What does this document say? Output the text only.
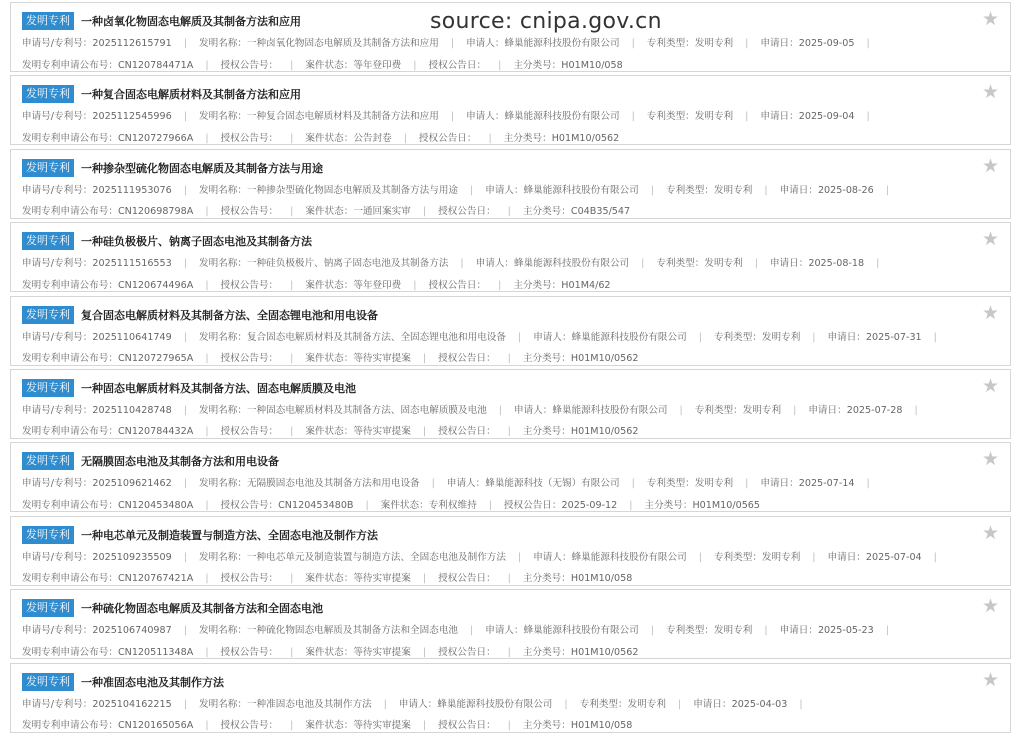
source: cnipa.gov.cn
发明专利	一种卤氧化物固态电解质及其制备方法和应用	★
申请号/专利号：2025112615791 | 发明名称：一种卤氧化物固态电解质及其制备方法和应用 | 申请人：蜂巢能源科技股份有限公司 | 专利类型：发明专利 | 申请日：2025-09-05 |发明专利申请公布号：CN120784471A | 授权公告号： | 案件状态：等年登印费 | 授权公告日： | 主分类号：H01M10/058
发明专利	一种复合固态电解质材料及其制备方法和应用	★
申请号/专利号：2025112545996 | 发明名称：一种复合固态电解质材料及其制备方法和应用 | 申请人：蜂巢能源科技股份有限公司 | 专利类型：发明专利 | 申请日：2025-09-04 |发明专利申请公布号：CN120727966A | 授权公告号： | 案件状态：公告封卷 | 授权公告日： | 主分类号：H01M10/0562
发明专利	一种掺杂型硫化物固态电解质及其制备方法与用途	★
申请号/专利号：2025111953076 | 发明名称：一种掺杂型硫化物固态电解质及其制备方法与用途 | 申请人：蜂巢能源科技股份有限公司 | 专利类型：发明专利 | 申请日：2025-08-26 |发明专利申请公布号：CN120698798A | 授权公告号： | 案件状态：一通回案实审 | 授权公告日： | 主分类号：C04B35/547
发明专利	一种硅负极极片、钠离子固态电池及其制备方法	★
申请号/专利号：2025111516553 | 发明名称：一种硅负极极片、钠离子固态电池及其制备方法 | 申请人：蜂巢能源科技股份有限公司 | 专利类型：发明专利 | 申请日：2025-08-18 |发明专利申请公布号：CN120674496A | 授权公告号： | 案件状态：等年登印费 | 授权公告日： | 主分类号：H01M4/62
发明专利	复合固态电解质材料及其制备方法、全固态锂电池和用电设备	★
申请号/专利号：2025110641749 | 发明名称：复合固态电解质材料及其制备方法、全固态锂电池和用电设备 | 申请人：蜂巢能源科技股份有限公司 | 专利类型：发明专利 | 申请日：2025-07-31 |发明专利申请公布号：CN120727965A | 授权公告号： | 案件状态：等待实审提案 | 授权公告日： | 主分类号：H01M10/0562
发明专利	一种固态电解质材料及其制备方法、固态电解质膜及电池	★
申请号/专利号：2025110428748 | 发明名称：一种固态电解质材料及其制备方法、固态电解质膜及电池 | 申请人：蜂巢能源科技股份有限公司 | 专利类型：发明专利 | 申请日：2025-07-28 |发明专利申请公布号：CN120784432A | 授权公告号： | 案件状态：等待实审提案 | 授权公告日： | 主分类号：H01M10/0562
发明专利	无隔膜固态电池及其制备方法和用电设备	★
申请号/专利号：2025109621462 | 发明名称：无隔膜固态电池及其制备方法和用电设备 | 申请人：蜂巢能源科技（无锡）有限公司 | 专利类型：发明专利 | 申请日：2025-07-14 |发明专利申请公布号：CN120453480A | 授权公告号：CN120453480B | 案件状态：专利权维持 | 授权公告日：2025-09-12 | 主分类号：H01M10/0565
发明专利	一种电芯单元及制造装置与制造方法、全固态电池及制作方法	★
申请号/专利号：2025109235509 | 发明名称：一种电芯单元及制造装置与制造方法、全固态电池及制作方法 | 申请人：蜂巢能源科技股份有限公司 | 专利类型：发明专利 | 申请日：2025-07-04 |发明专利申请公布号：CN120767421A | 授权公告号： | 案件状态：等待实审提案 | 授权公告日： | 主分类号：H01M10/058
发明专利	一种硫化物固态电解质及其制备方法和全固态电池	★
申请号/专利号：2025106740987 | 发明名称：一种硫化物固态电解质及其制备方法和全固态电池 | 申请人：蜂巢能源科技股份有限公司 | 专利类型：发明专利 | 申请日：2025-05-23 |发明专利申请公布号：CN120511348A | 授权公告号： | 案件状态：等待实审提案 | 授权公告日： | 主分类号：H01M10/0562
发明专利	一种准固态电池及其制作方法	★
申请号/专利号：2025104162215 | 发明名称：一种准固态电池及其制作方法 | 申请人：蜂巢能源科技股份有限公司 | 专利类型：发明专利 | 申请日：2025-04-03 |发明专利申请公布号：CN120165056A | 授权公告号： | 案件状态：等待实审提案 | 授权公告日： | 主分类号：H01M10/058
